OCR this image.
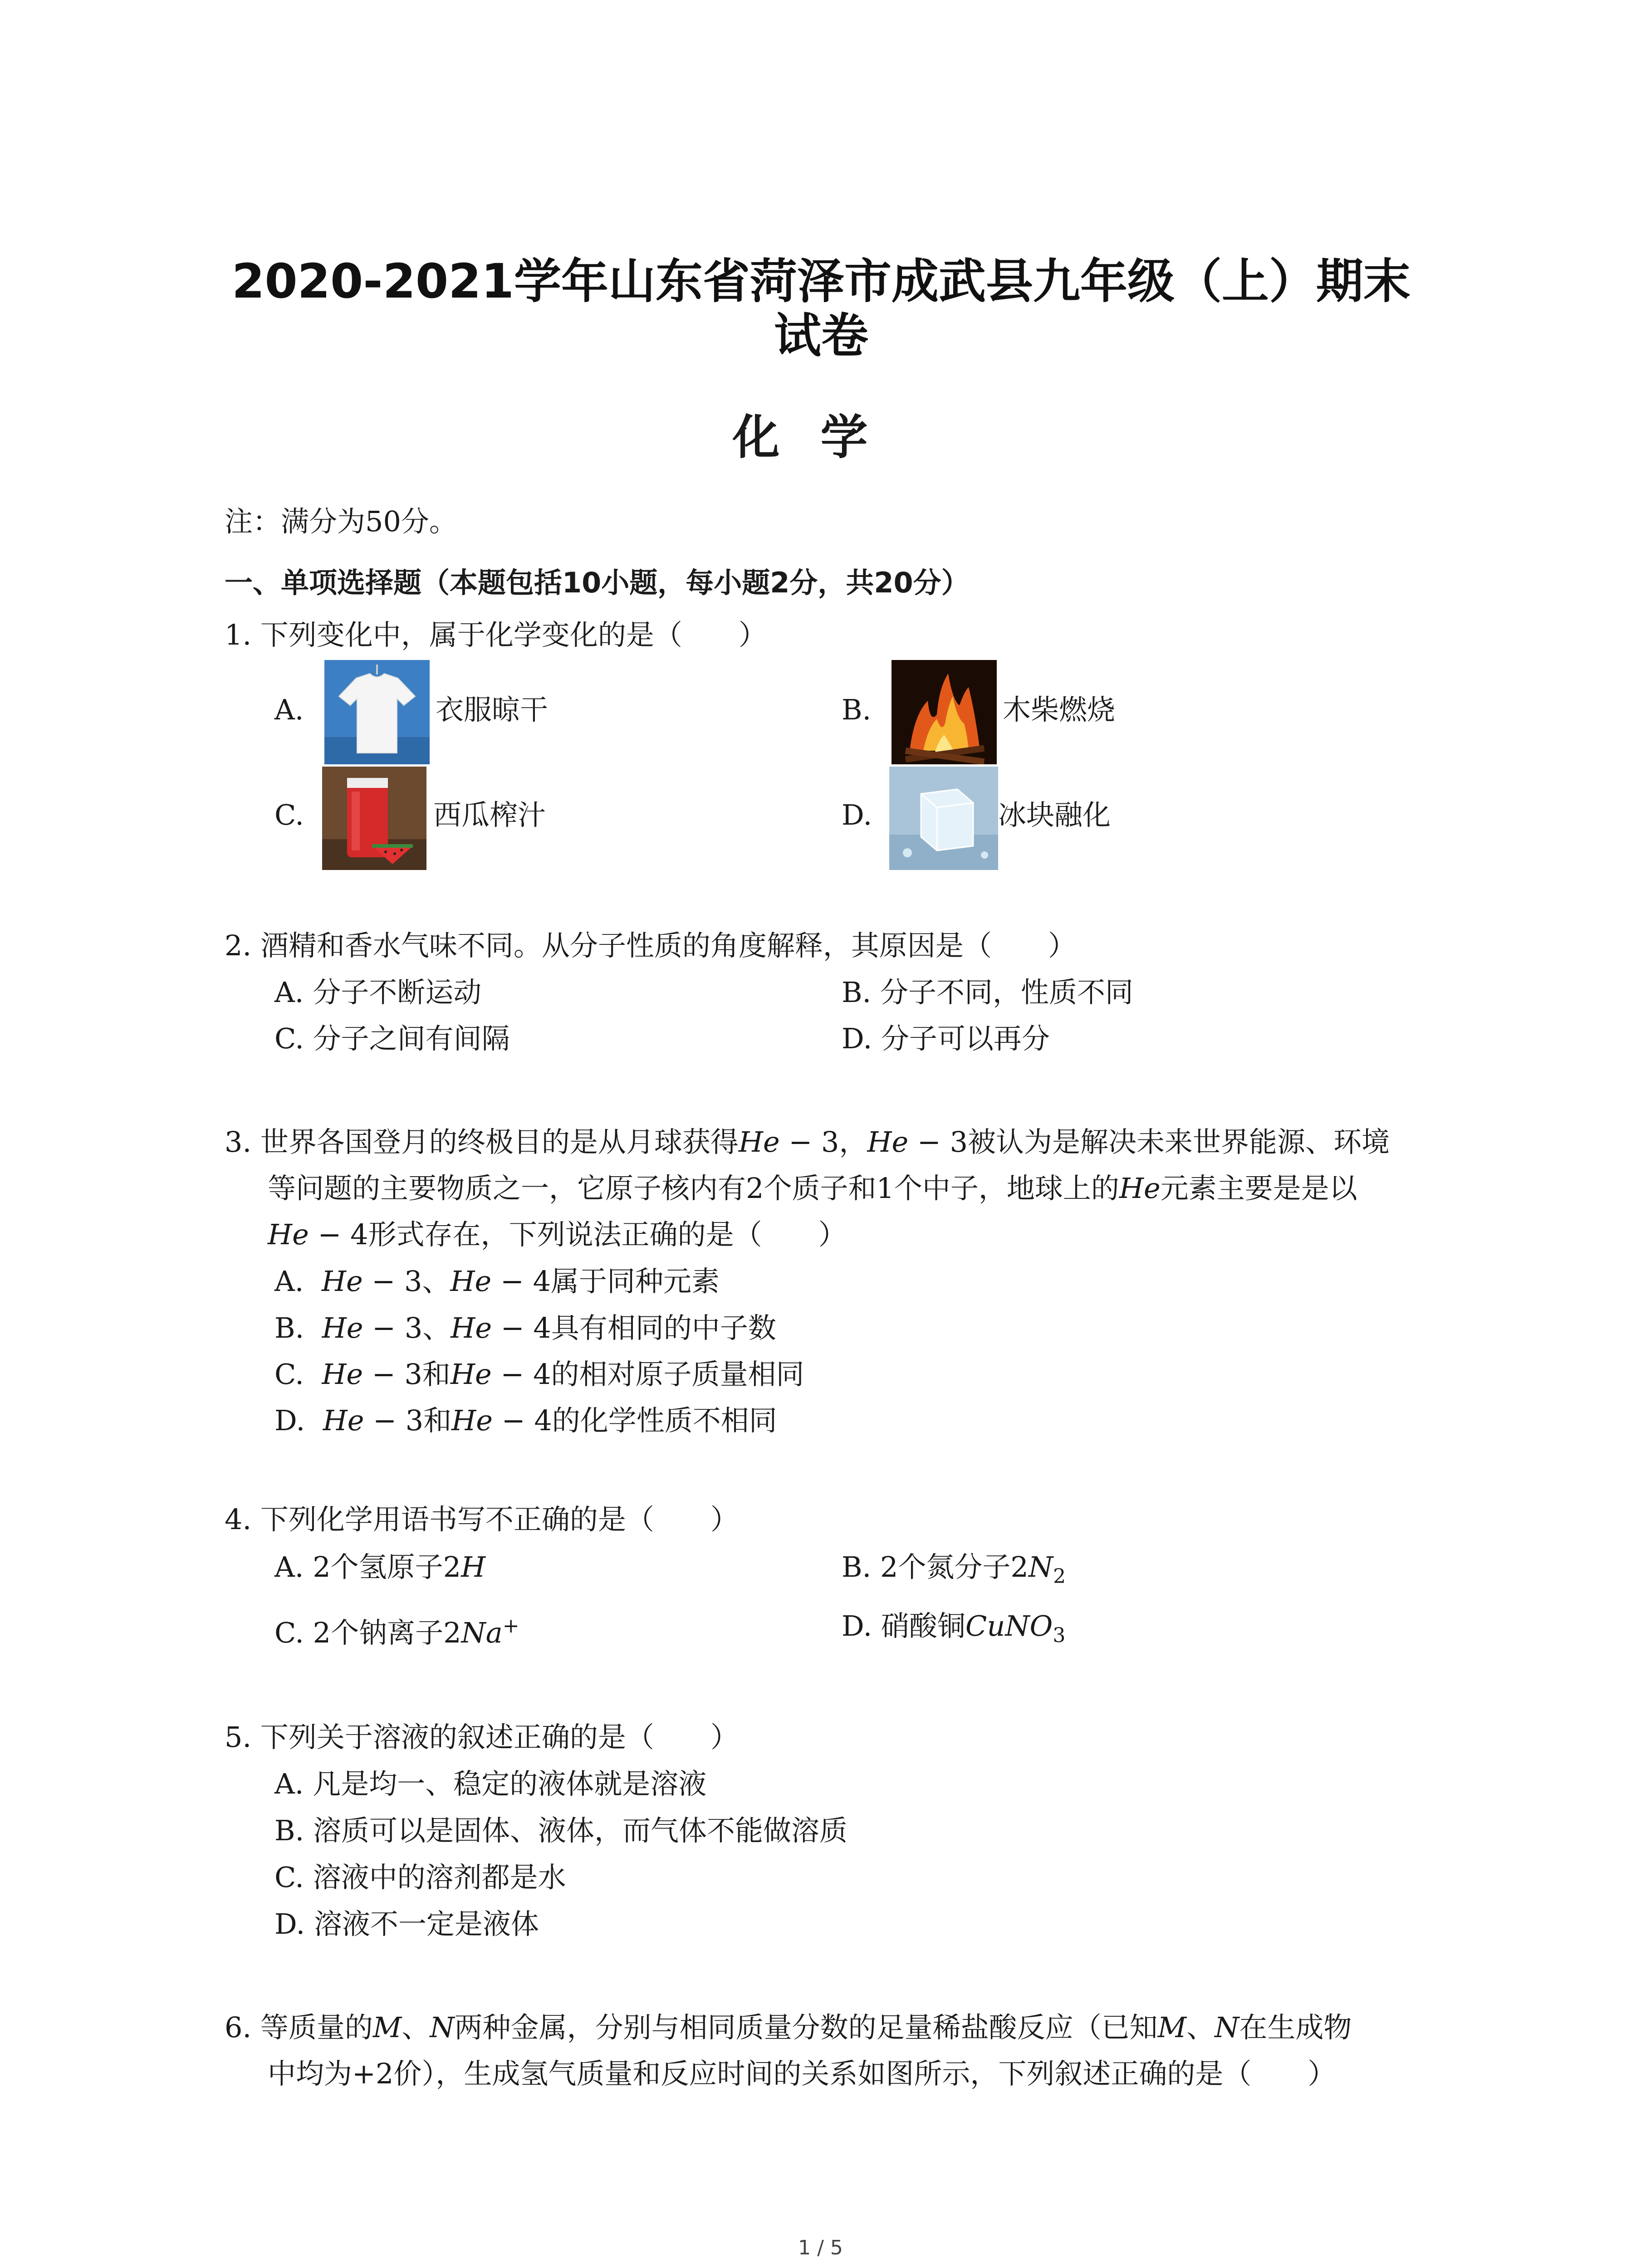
2020-2021学年山东省菏泽市成武县九年级（上）期末
试卷
化学
注：满分为50分。
一、单项选择题（本题包括10小题，每小题2分，共20分）
1. 下列变化中，属于化学变化的是（　　）
A.	衣服晾干	B.	木柴燃烧
C.	西瓜榨汁	D.	冰块融化
2. 酒精和香水气味不同。从分子性质的角度解释，其原因是（　　）
A. 分子不断运动	B. 分子不同，性质不同
C. 分子之间有间隔	D. 分子可以再分
3. 世界各国登月的终极目的是从月球获得He − 3，He − 3被认为是解决未来世界能源、环境
等问题的主要物质之一，它原子核内有2个质子和1个中子，地球上的He元素主要是是以
He − 4形式存在，下列说法正确的是（　　）
A. He − 3、He − 4属于同种元素
B. He − 3、He − 4具有相同的中子数
C. He − 3和He − 4的相对原子质量相同
D. He − 3和He − 4的化学性质不相同
4. 下列化学用语书写不正确的是（　　）
A. 2个氢原子2H	B. 2个氮分子$2N_2$
C. 2个钠离子2Na+	D. 硝酸铜CuNO$_3$
5. 下列关于溶液的叙述正确的是（　　）
A. 凡是均一、稳定的液体就是溶液
B. 溶质可以是固体、液体，而气体不能做溶质
C. 溶液中的溶剂都是水
D. 溶液不一定是液体
6. 等质量的M、N两种金属，分别与相同质量分数的足量稀盐酸反应（已知M、N在生成物
中均为+2价），生成氢气质量和反应时间的关系如图所示，下列叙述正确的是（　　）
1 / 5
